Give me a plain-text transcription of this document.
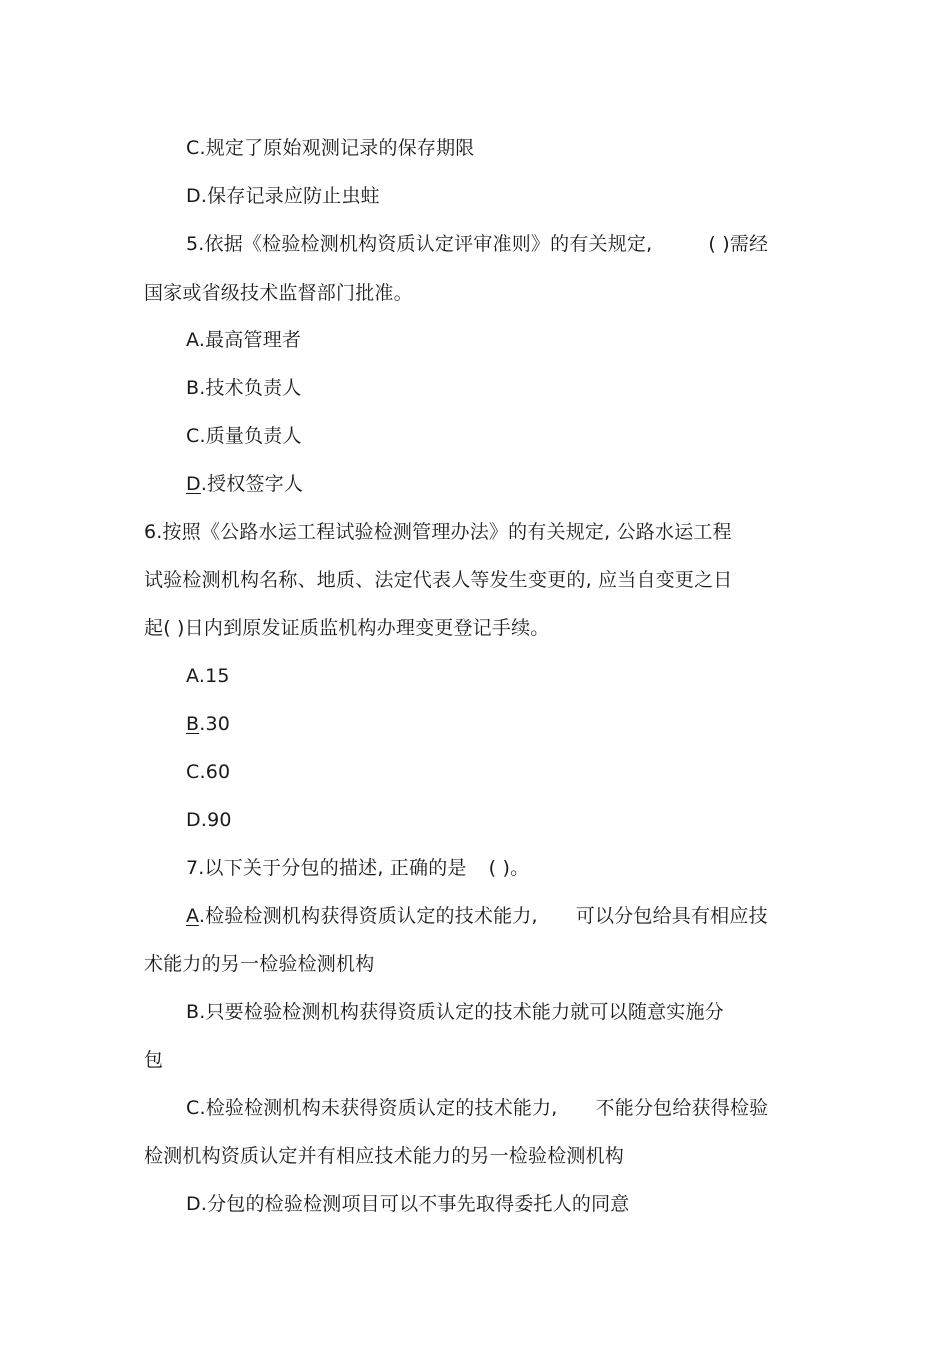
C.规定了原始观测记录的保存期限
D.保存记录应防止虫蛀
5.依据《检验检测机构资质认定评审准则》的有关规定,	( )需经
国家或省级技术监督部门批准。
A.最高管理者
B.技术负责人
C.质量负责人
D.授权签字人
6.按照《公路水运工程试验检测管理办法》的有关规定, 公路水运工程
试验检测机构名称、地质、法定代表人等发生变更的, 应当自变更之日
起( )日内到原发证质监机构办理变更登记手续。
A.15
B.30
C.60
D.90
7.以下关于分包的描述, 正确的是 ( )。
A.检验检测机构获得资质认定的技术能力, 可以分包给具有相应技
术能力的另一检验检测机构
B.只要检验检测机构获得资质认定的技术能力就可以随意实施分
包
C.检验检测机构未获得资质认定的技术能力, 不能分包给获得检验
检测机构资质认定并有相应技术能力的另一检验检测机构
D.分包的检验检测项目可以不事先取得委托人的同意
